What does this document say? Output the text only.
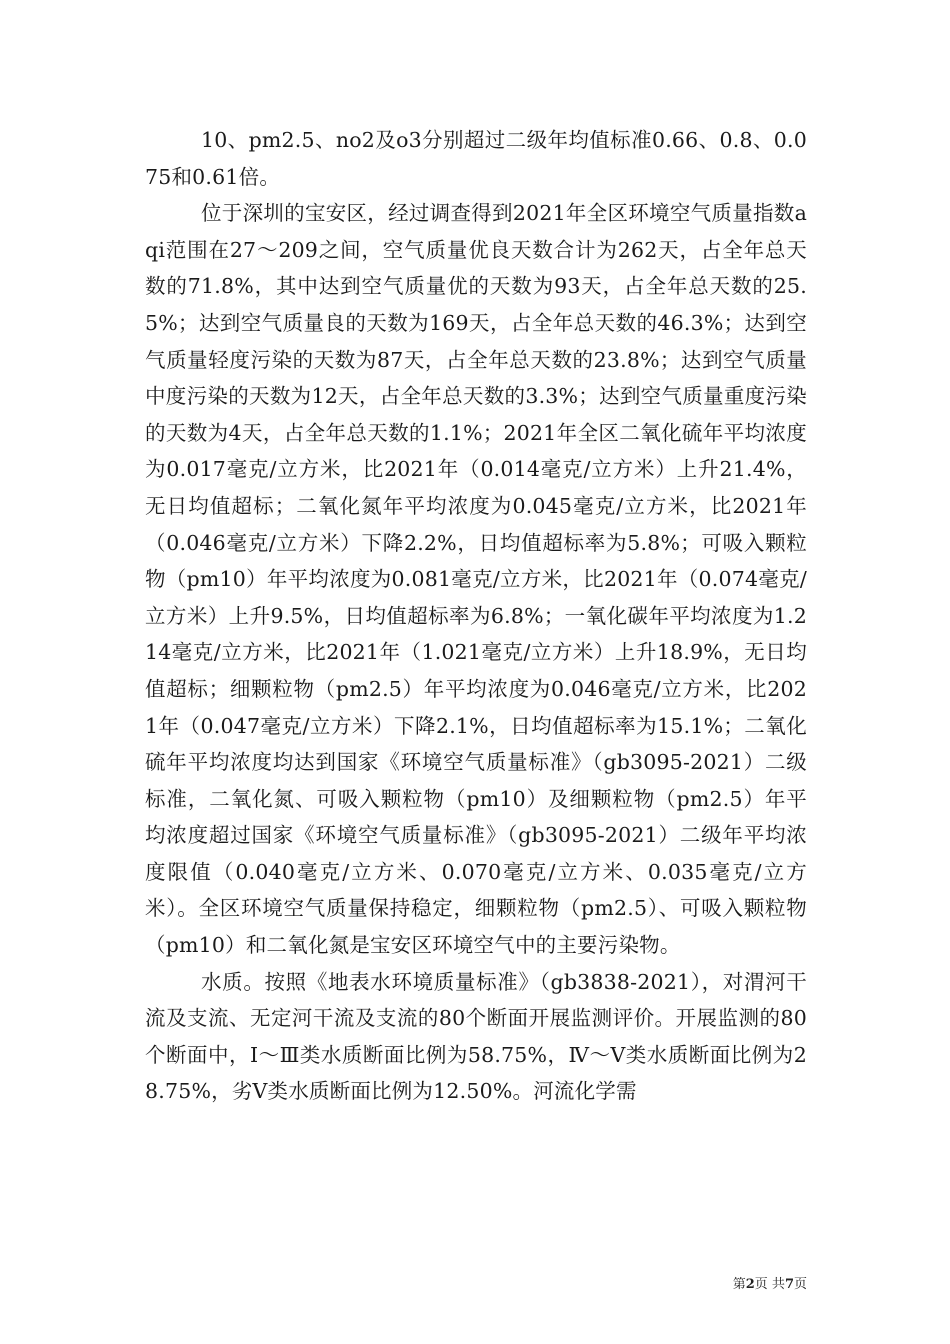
10、pm2.5、no2及o3分别超过二级年均值标准0.66、0.8、0.075和0.61倍。

位于深圳的宝安区，经过调查得到2021年全区环境空气质量指数aqi范围在27～209之间，空气质量优良天数合计为262天，占全年总天数的71.8%，其中达到空气质量优的天数为93天，占全年总天数的25.5%；达到空气质量良的天数为169天，占全年总天数的46.3%；达到空气质量轻度污染的天数为87天，占全年总天数的23.8%；达到空气质量中度污染的天数为12天，占全年总天数的3.3%；达到空气质量重度污染的天数为4天，占全年总天数的1.1%；2021年全区二氧化硫年平均浓度为0.017毫克/立方米，比2021年（0.014毫克/立方米）上升21.4%，无日均值超标；二氧化氮年平均浓度为0.045毫克/立方米，比2021年（0.046毫克/立方米）下降2.2%，日均值超标率为5.8%；可吸入颗粒物（pm10）年平均浓度为0.081毫克/立方米，比2021年（0.074毫克/立方米）上升9.5%，日均值超标率为6.8%；一氧化碳年平均浓度为1.214毫克/立方米，比2021年（1.021毫克/立方米）上升18.9%，无日均值超标；细颗粒物（pm2.5）年平均浓度为0.046毫克/立方米，比2021年（0.047毫克/立方米）下降2.1%，日均值超标率为15.1%；二氧化硫年平均浓度均达到国家《环境空气质量标准》（gb3095-2021）二级标准，二氧化氮、可吸入颗粒物（pm10）及细颗粒物（pm2.5）年平均浓度超过国家《环境空气质量标准》（gb3095-2021）二级年平均浓度限值（0.040毫克/立方米、0.070毫克/立方米、0.035毫克/立方米）。全区环境空气质量保持稳定，细颗粒物（pm2.5）、可吸入颗粒物（pm10）和二氧化氮是宝安区环境空气中的主要污染物。

水质。按照《地表水环境质量标准》（gb3838-2021），对渭河干流及支流、无定河干流及支流的80个断面开展监测评价。开展监测的80个断面中，Ⅰ～Ⅲ类水质断面比例为58.75%，Ⅳ～Ⅴ类水质断面比例为28.75%，劣Ⅴ类水质断面比例为12.50%。河流化学需

第2页 共7页
